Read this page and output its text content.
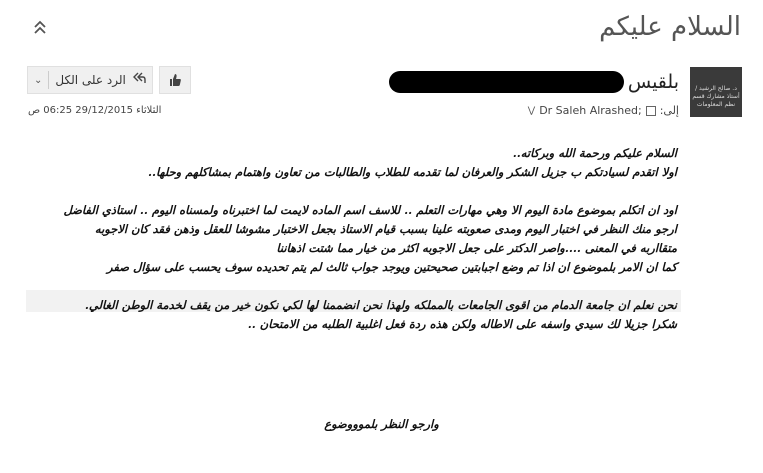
السلام عليكم
د. صالح الرشيد / أستاذ مشارك قسم نظم المعلومات
بلقيس
إلى:
Dr Saleh Alrashed;
⋁
الثلاثاء 29/12/2015 06:25 ص
الرد على الكل
⌄

السلام عليكم ورحمة الله وبركاته..

اولا اتقدم لسيادتكم ب جزيل الشكر والعرفان لما تقدمه للطلاب والطالبات من تعاون واهتمام بمشاكلهم وحلها..

اود ان اتكلم بموضوع مادة اليوم الا وهي مهارات التعلم .. للاسف اسم الماده لايمت لما اختبرناه ولمسناه اليوم .. استاذي الفاضل

ارجو منك النظر في اختبار اليوم ومدى صعوبته علينا بسبب قيام الاستاذ بجعل الاختبار مشوشا للعقل وذهن فقد كان الاجوبه

متقااربه في المعنى ....واصر الدكتر على جعل الاجوبه اكثر من خيار مما شتت اذهاننا

كما ان الامر بلموضوع ان اذا تم وضع اجبابتين صحيحتين ويوجد جواب ثالث لم يتم تحديده سوف يحسب على سؤال صفر

نحن نعلم ان جامعة الدمام من اقوى الجامعات بالمملكه ولهذا نحن انضممنا لها لكي نكون خير من يقف لخدمة الوطن الغالي.

شكرا جزيلا لك سيدي واسفه على الاطاله ولكن هذه ردة فعل اغلبية الطلبه من الامتحان ..

وارجو النظر بلموووضوع
